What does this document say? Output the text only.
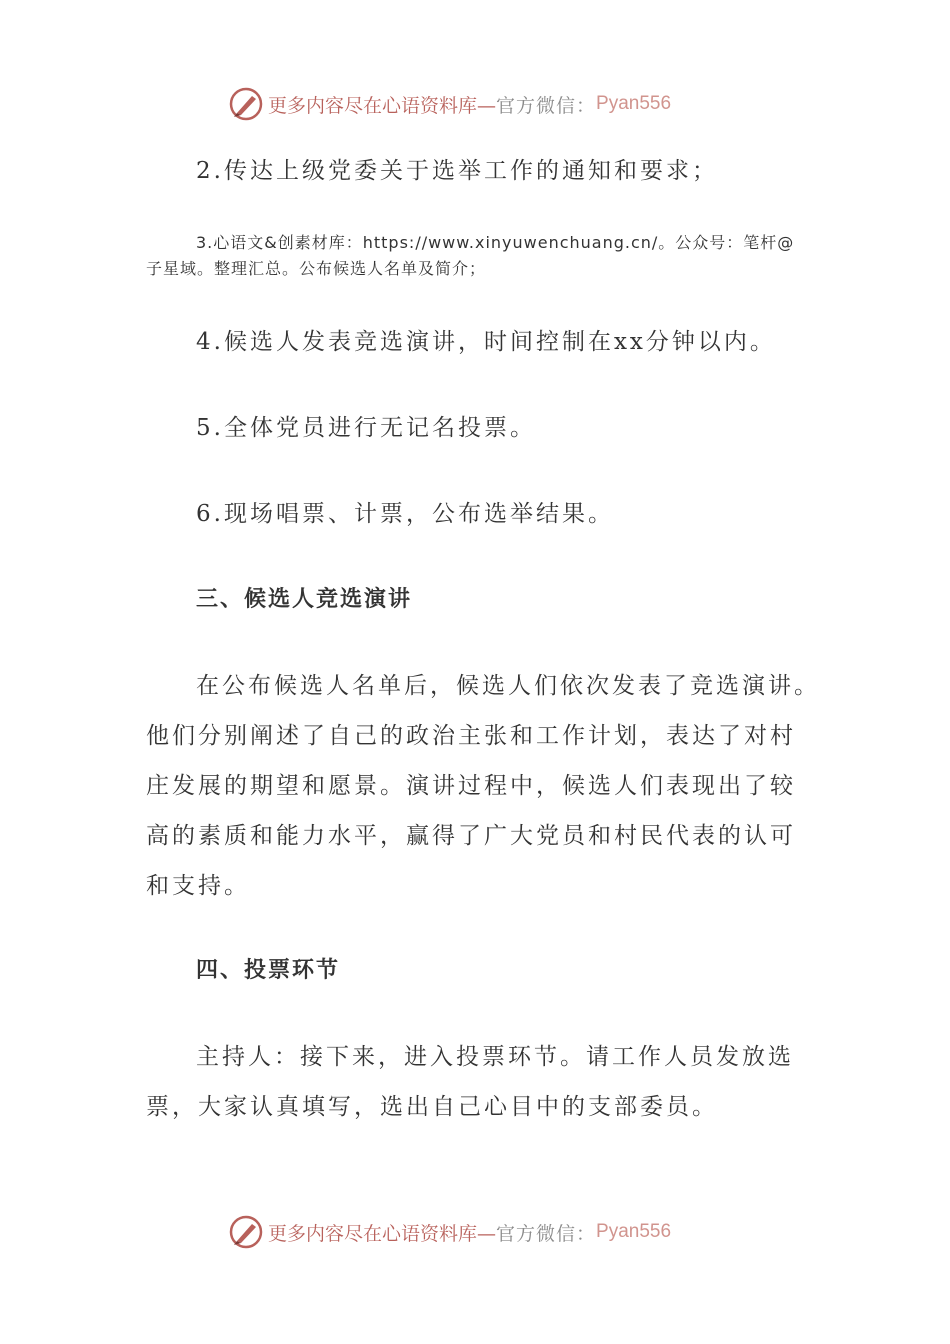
更多内容尽在心语资料库— 官方微信： Pyan556
2.传达上级党委关于选举工作的通知和要求；
3.心语文&创素材库：https://www.xinyuwenchuang.cn/。公众号：笔杆@
子星域。整理汇总。公布候选人名单及简介；
4.候选人发表竞选演讲，时间控制在xx分钟以内。
5.全体党员进行无记名投票。
6.现场唱票、计票，公布选举结果。
三、候选人竞选演讲
在公布候选人名单后，候选人们依次发表了竞选演讲。
他们分别阐述了自己的政治主张和工作计划，表达了对村
庄发展的期望和愿景。演讲过程中，候选人们表现出了较
高的素质和能力水平，赢得了广大党员和村民代表的认可
和支持。
四、投票环节
主持人：接下来，进入投票环节。请工作人员发放选
票，大家认真填写，选出自己心目中的支部委员。
更多内容尽在心语资料库— 官方微信： Pyan556
